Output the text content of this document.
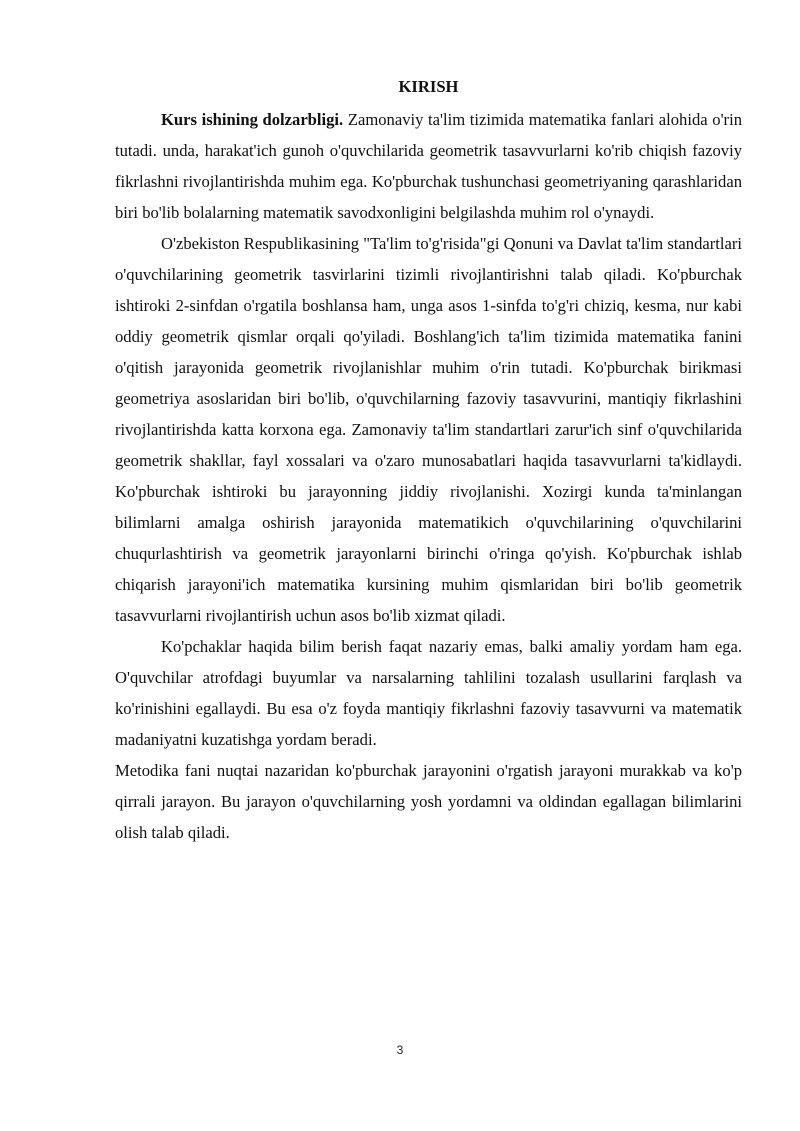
KIRISH

Kurs ishining dolzarbligi. Zamonaviy ta'lim tizimida matematika fanlari alohida o'rin tutadi. unda, harakat'ich gunoh o'quvchilarida geometrik tasavvurlarni ko'rib chiqish fazoviy fikrlashni rivojlantirishda muhim ega. Ko'pburchak tushunchasi geometriyaning qarashlaridan biri bo'lib bolalarning matematik savodxonligini belgilashda muhim rol o'ynaydi.

O'zbekiston Respublikasining "Ta'lim to'g'risida"gi Qonuni va Davlat ta'lim standartlari o'quvchilarining geometrik tasvirlarini tizimli rivojlantirishni talab qiladi. Ko'pburchak ishtiroki 2-sinfdan o'rgatila boshlansa ham, unga asos 1-sinfda to'g'ri chiziq, kesma, nur kabi oddiy geometrik qismlar orqali qo'yiladi. Boshlang'ich ta'lim tizimida matematika fanini o'qitish jarayonida geometrik rivojlanishlar muhim o'rin tutadi. Ko'pburchak birikmasi geometriya asoslaridan biri bo'lib, o'quvchilarning fazoviy tasavvurini, mantiqiy fikrlashini rivojlantirishda katta korxona ega. Zamonaviy ta'lim standartlari zarur'ich sinf o'quvchilarida geometrik shakllar, fayl xossalari va o'zaro munosabatlari haqida tasavvurlarni ta'kidlaydi. Ko'pburchak ishtiroki bu jarayonning jiddiy rivojlanishi. Xozirgi kunda ta'minlangan bilimlarni amalga oshirish jarayonida matematikich o'quvchilarining o'quvchilarini chuqurlashtirish va geometrik jarayonlarni birinchi o'ringa qo'yish. Ko'pburchak ishlab chiqarish jarayoni'ich matematika kursining muhim qismlaridan biri bo'lib geometrik tasavvurlarni rivojlantirish uchun asos bo'lib xizmat qiladi.

Ko'pchaklar haqida bilim berish faqat nazariy emas, balki amaliy yordam ham ega. O'quvchilar atrofdagi buyumlar va narsalarning tahlilini tozalash usullarini farqlash va ko'rinishini egallaydi. Bu esa o'z foyda mantiqiy fikrlashni fazoviy tasavvurni va matematik madaniyatni kuzatishga yordam beradi.

Metodika fani nuqtai nazaridan ko'pburchak jarayonini o'rgatish jarayoni murakkab va ko'p qirrali jarayon. Bu jarayon o'quvchilarning yosh yordamni va oldindan egallagan bilimlarini olish talab qiladi.

3
